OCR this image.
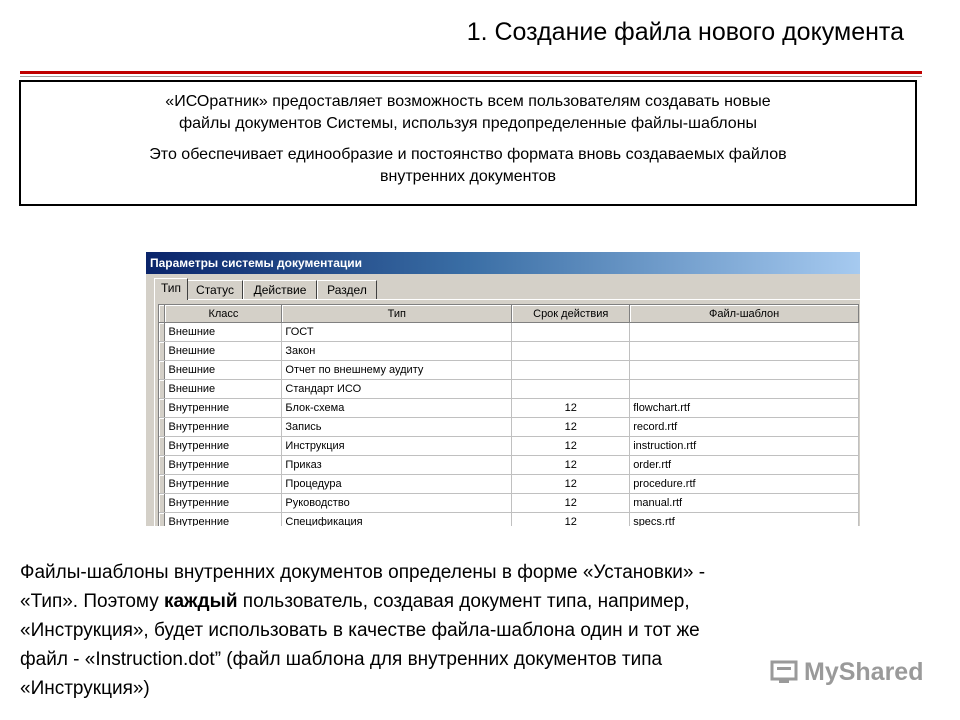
1. Создание файла нового документа

«ИСОратник» предоставляет возможность всем пользователям создавать новые
файлы документов Системы, используя предопределенные файлы-шаблоны

Это обеспечивает единообразие и постоянство формата вновь создаваемых файлов
внутренних документов

Параметры системы документации
Тип	Статус	Действие	Раздел
	Класс	Тип	Срок действия	Файл-шаблон
	Внешние	ГОСТ		
	Внешние	Закон		
	Внешние	Отчет по внешнему аудиту		
	Внешние	Стандарт ИСО		
	Внутренние	Блок-схема	12	flowchart.rtf
	Внутренние	Запись	12	record.rtf
	Внутренние	Инструкция	12	instruction.rtf
	Внутренние	Приказ	12	order.rtf
	Внутренние	Процедура	12	procedure.rtf
	Внутренние	Руководство	12	manual.rtf
	Внутренние	Спецификация	12	specs.rtf

Файлы-шаблоны внутренних документов определены в форме «Установки» -

«Тип». Поэтому каждый пользователь, создавая документ типа, например,

«Инструкция», будет использовать в качестве файла-шаблона один и тот же

файл - «Instruction.dot” (файл шаблона для внутренних документов типа

«Инструкция»)

MyShared
